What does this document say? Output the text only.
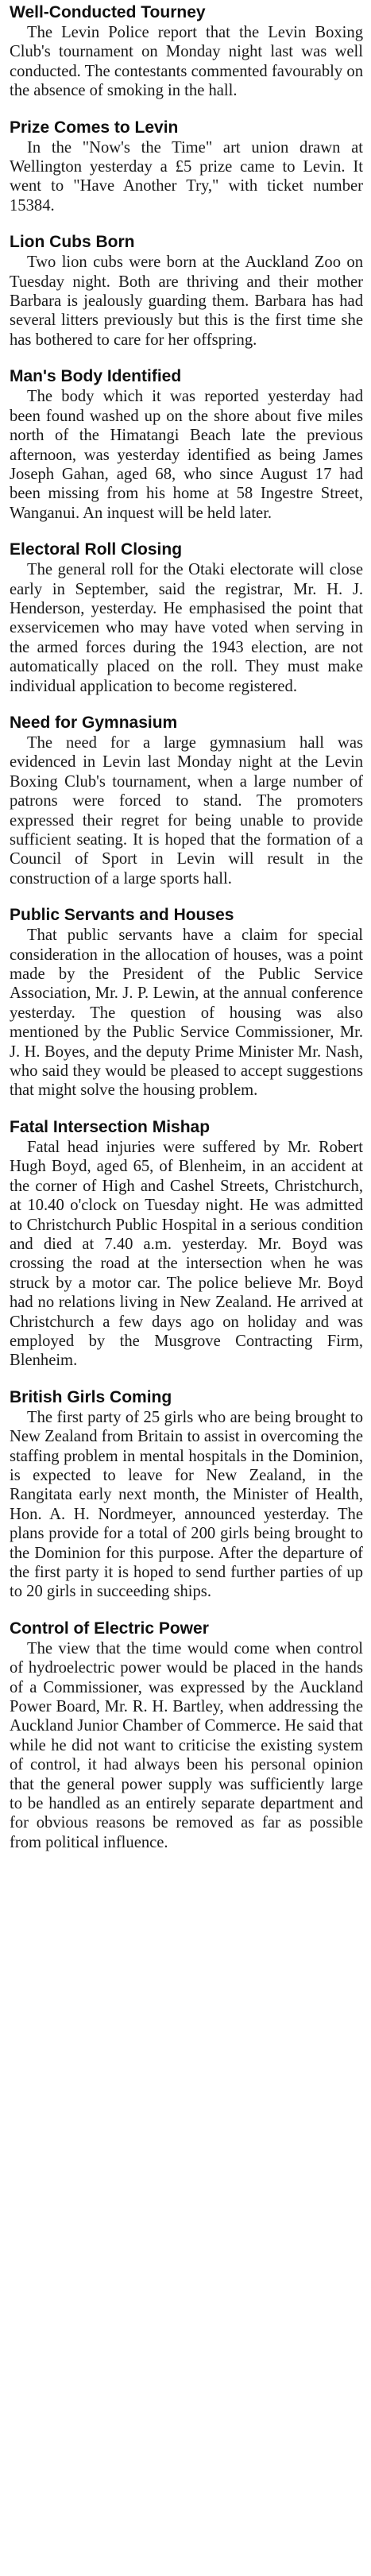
Well-Conducted Tourney

The Levin Police report that the Levin Boxing Club's tournament on Monday night last was well conducted. The contestants commented favourably on the absence of smoking in the hall.

Prize Comes to Levin

In the "Now's the Time" art union drawn at Wellington yesterday a £5 prize came to Levin. It went to "Have Another Try," with ticket number 15384.

Lion Cubs Born

Two lion cubs were born at the Auckland Zoo on Tuesday night. Both are thriving and their mother Barbara is jealously guarding them. Barbara has had several litters previously but this is the first time she has bothered to care for her offspring.

Man's Body Identified

The body which it was reported yesterday had been found washed up on the shore about five miles north of the Himatangi Beach late the previous afternoon, was yesterday identified as being James Joseph Gahan, aged 68, who since August 17 had been missing from his home at 58 Ingestre Street, Wanganui. An inquest will be held later.

Electoral Roll Closing

The general roll for the Otaki electorate will close early in September, said the registrar, Mr. H. J. Henderson, yesterday. He emphasised the point that exservicemen who may have voted when serving in the armed forces during the 1943 election, are not automatically placed on the roll. They must make individual application to become registered.

Need for Gymnasium

The need for a large gymnasium hall was evidenced in Levin last Monday night at the Levin Boxing Club's tournament, when a large number of patrons were forced to stand. The promoters expressed their regret for being unable to provide sufficient seating. It is hoped that the formation of a Council of Sport in Levin will result in the construction of a large sports hall.

Public Servants and Houses

That public servants have a claim for special consideration in the allocation of houses, was a point made by the President of the Public Service Association, Mr. J. P. Lewin, at the annual conference yesterday. The question of housing was also mentioned by the Public Service Commissioner, Mr. J. H. Boyes, and the deputy Prime Minister Mr. Nash, who said they would be pleased to accept suggestions that might solve the housing problem.

Fatal Intersection Mishap

Fatal head injuries were suffered by Mr. Robert Hugh Boyd, aged 65, of Blenheim, in an accident at the corner of High and Cashel Streets, Christchurch, at 10.40 o'clock on Tuesday night. He was admitted to Christchurch Public Hospital in a serious condition and died at 7.40 a.m. yesterday. Mr. Boyd was crossing the road at the intersection when he was struck by a motor car. The police believe Mr. Boyd had no relations living in New Zealand. He arrived at Christchurch a few days ago on holiday and was employed by the Musgrove Contracting Firm, Blenheim.

British Girls Coming

The first party of 25 girls who are being brought to New Zealand from Britain to assist in overcoming the staffing problem in mental hospitals in the Dominion, is expected to leave for New Zealand, in the Rangitata early next month, the Minister of Health, Hon. A. H. Nordmeyer, announced yesterday. The plans provide for a total of 200 girls being brought to the Dominion for this purpose. After the departure of the first party it is hoped to send further parties of up to 20 girls in succeeding ships.

Control of Electric Power

The view that the time would come when control of hydroelectric power would be placed in the hands of a Commissioner, was expressed by the Auckland Power Board, Mr. R. H. Bartley, when addressing the Auckland Junior Chamber of Commerce. He said that while he did not want to criticise the existing system of control, it had always been his personal opinion that the general power supply was sufficiently large to be handled as an entirely separate department and for obvious reasons be removed as far as possible from political influence.
